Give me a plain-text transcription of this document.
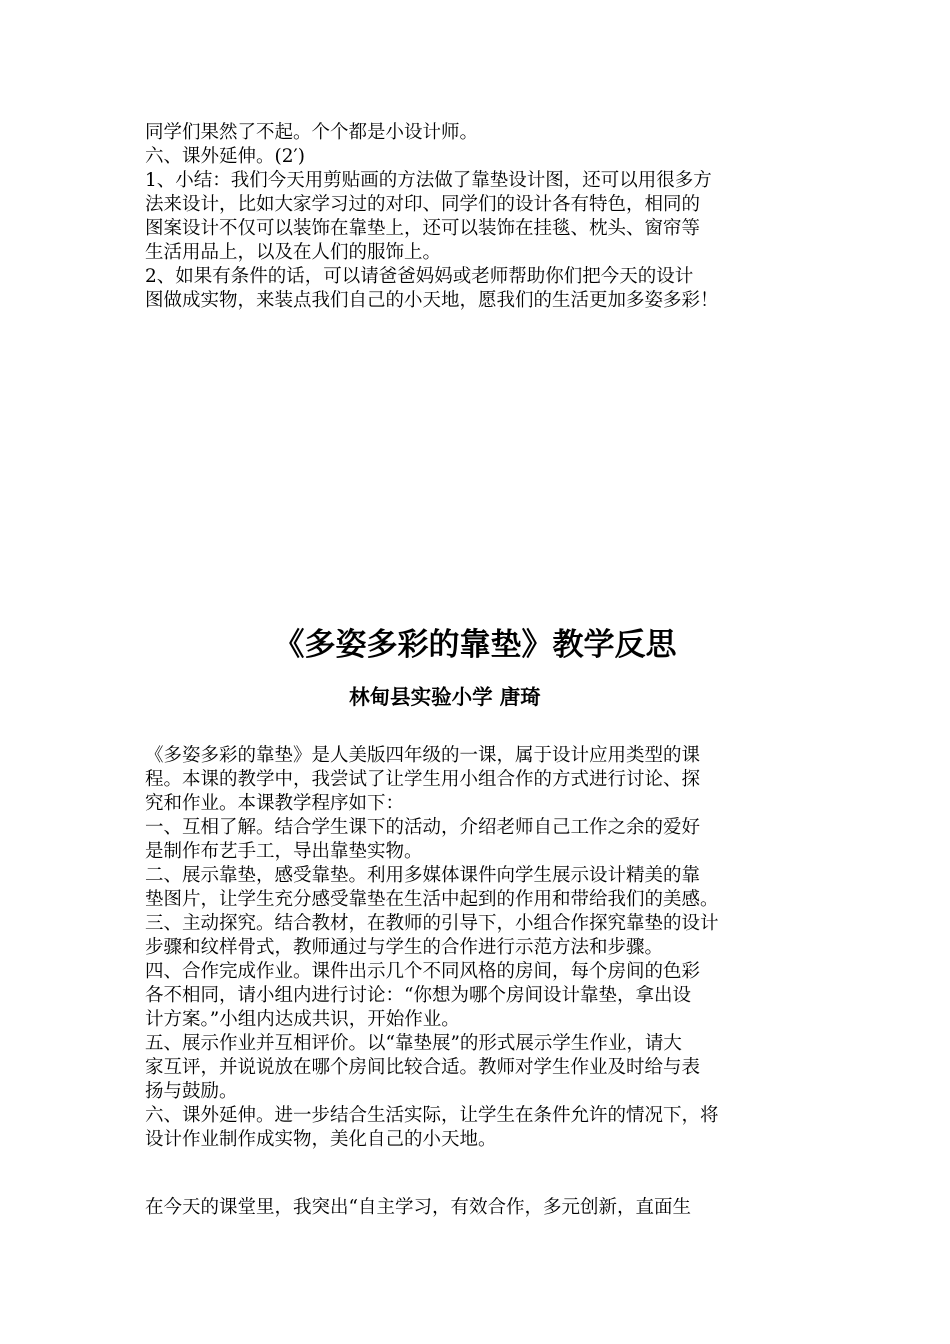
同学们果然了不起。个个都是小设计师。
六、课外延伸。(2′)
1、小结：我们今天用剪贴画的方法做了靠垫设计图，还可以用很多方
法来设计，比如大家学习过的对印、同学们的设计各有特色，相同的
图案设计不仅可以装饰在靠垫上，还可以装饰在挂毯、枕头、窗帘等
生活用品上，以及在人们的服饰上。
2、如果有条件的话，可以请爸爸妈妈或老师帮助你们把今天的设计
图做成实物，来装点我们自己的小天地，愿我们的生活更加多姿多彩！
《多姿多彩的靠垫》教学反思
林甸县实验小学 唐琦
《多姿多彩的靠垫》是人美版四年级的一课，属于设计应用类型的课
程。本课的教学中，我尝试了让学生用小组合作的方式进行讨论、探
究和作业。本课教学程序如下：
一、互相了解。结合学生课下的活动，介绍老师自己工作之余的爱好
是制作布艺手工，导出靠垫实物。
二、展示靠垫，感受靠垫。利用多媒体课件向学生展示设计精美的靠
垫图片，让学生充分感受靠垫在生活中起到的作用和带给我们的美感。
三、主动探究。结合教材，在教师的引导下，小组合作探究靠垫的设计
步骤和纹样骨式，教师通过与学生的合作进行示范方法和步骤。
四、合作完成作业。课件出示几个不同风格的房间，每个房间的色彩
各不相同，请小组内进行讨论：“你想为哪个房间设计靠垫，拿出设
计方案。”小组内达成共识，开始作业。
五、展示作业并互相评价。以“靠垫展”的形式展示学生作业，请大
家互评，并说说放在哪个房间比较合适。教师对学生作业及时给与表
扬与鼓励。
六、课外延伸。进一步结合生活实际，让学生在条件允许的情况下，将
设计作业制作成实物，美化自己的小天地。
在今天的课堂里，我突出“自主学习，有效合作，多元创新，直面生
